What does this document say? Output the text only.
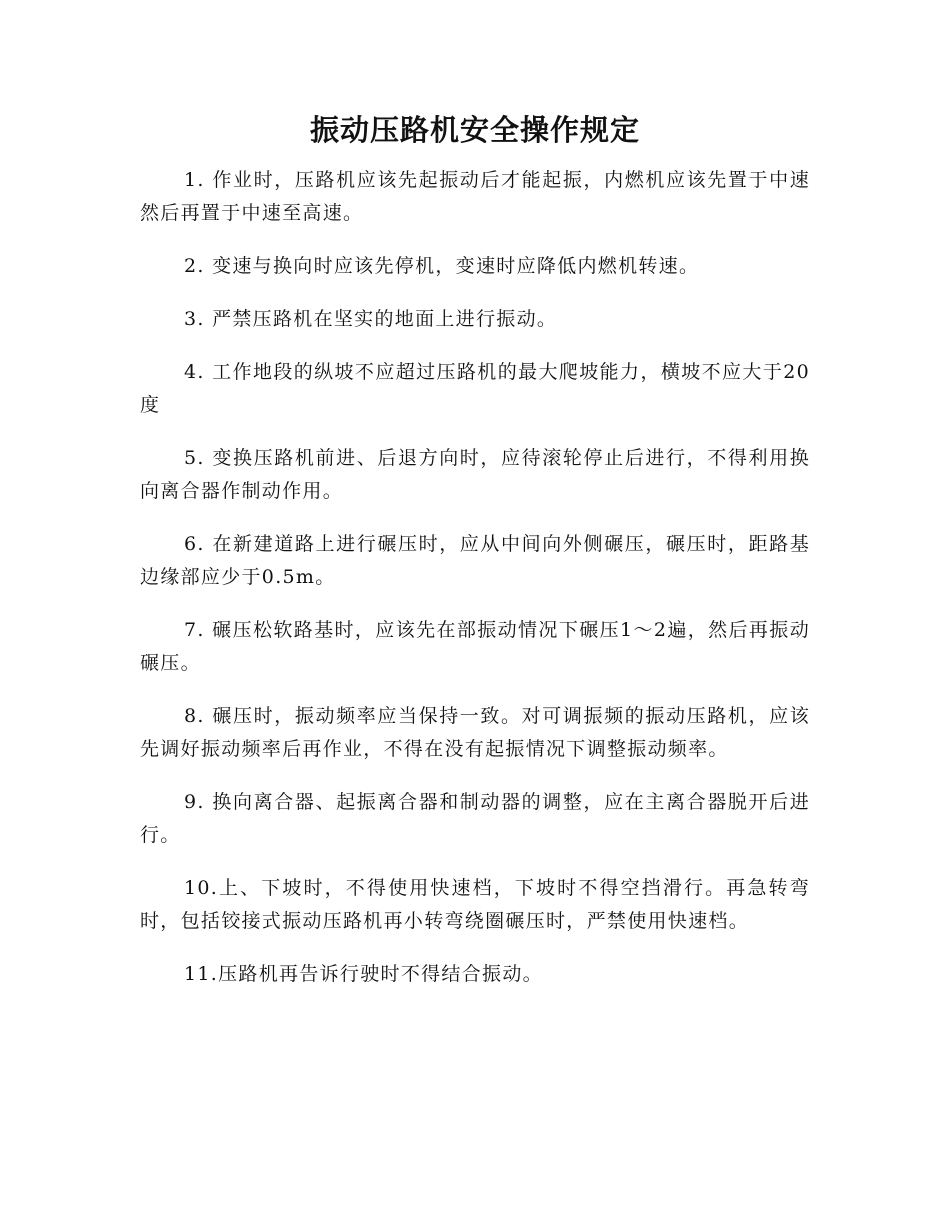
振动压路机安全操作规定
1. 作业时，压路机应该先起振动后才能起振，内燃机应该先置于中速然后再置于中速至高速。
2. 变速与换向时应该先停机，变速时应降低内燃机转速。
3. 严禁压路机在坚实的地面上进行振动。
4. 工作地段的纵坡不应超过压路机的最大爬坡能力，横坡不应大于20度
5. 变换压路机前进、后退方向时，应待滚轮停止后进行，不得利用换向离合器作制动作用。
6. 在新建道路上进行碾压时，应从中间向外侧碾压，碾压时，距路基边缘部应少于0.5m。
7. 碾压松软路基时，应该先在部振动情况下碾压1～2遍，然后再振动碾压。
8. 碾压时，振动频率应当保持一致。对可调振频的振动压路机，应该先调好振动频率后再作业，不得在没有起振情况下调整振动频率。
9. 换向离合器、起振离合器和制动器的调整，应在主离合器脱开后进行。
10.上、下坡时，不得使用快速档，下坡时不得空挡滑行。再急转弯时，包括铰接式振动压路机再小转弯绕圈碾压时，严禁使用快速档。
11.压路机再告诉行驶时不得结合振动。
